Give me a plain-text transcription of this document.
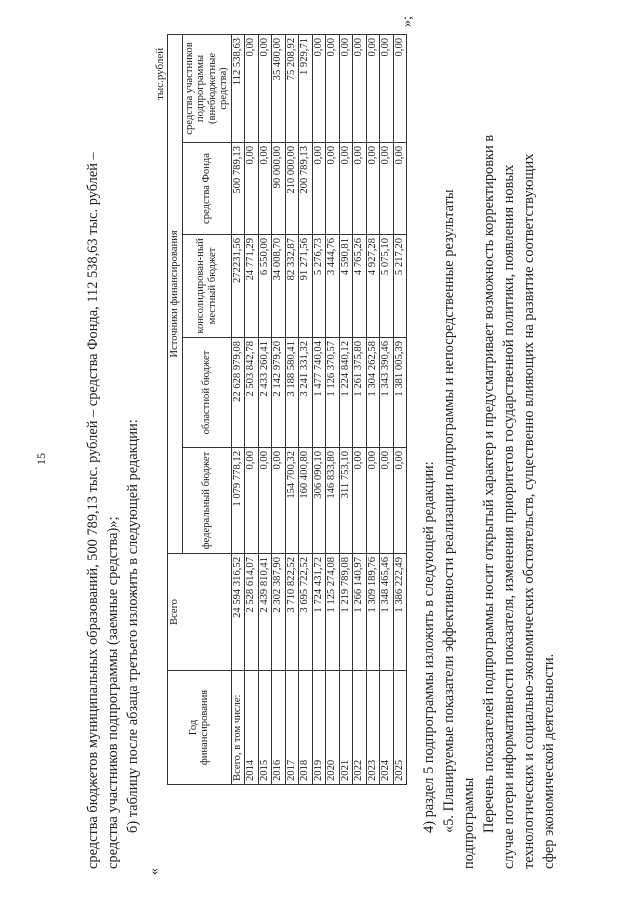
15	средства бюджетов муниципальных образований, 500 789,13 тыс. рублей – средства Фонда, 112 538,63 тыс. рублей – средства участников подпрограммы (заемные средства)»; б) таблицу после абзаца третьего изложить в следующей редакции:
«
тыс.рублей
Год
финансирования	Всего	Источники финансирования				
		федеральный бюджет	областной бюджет	консолидирован-ный местный бюджет	средства Фонда	средства участников подпрограммы (внебюджетные средства)
Всего, в том числе:	24 594 316,52	1 079 778,12	22 628 979,08	272231,56	500 789,13	112 538,63
2014	2 528 614,07	0,00	2 503 842,78	24 771,29	0,00	0,00
2015	2 439 810,41	0,00	2 433 260,41	6 550,00	0,00	0,00
2016	2 302 387,90	0,00	2 142 979,20	34 008,70	90 000,00	35 400,00
2017	3 710 822,52	154 700,32	3 188 580,41	82 332,87	210 000,00	75 208,92
2018	3 695 722,52	160 400,80	3 241 331,32	91 271,56	200 789,13	1 929,71
2019	1 724 431,72	306 090,10	1 477 740,04	5 276,73	0,00	0,00
2020	1 125 274,08	146 833,80	1 126 370,57	3 444,76	0,00	0,00
2021	1 219 789,08	311 753,10	1 224 840,12	4 590,81	0,00	0,00
2022	1 266 140,97	0,00	1 261 375,80	4 765,26	0,00	0,00
2023	1 309 189,76	0,00	1 304 262,58	4 927,28	0,00	0,00
2024	1 348 465,46	0,00	1 343 390,46	5 075,10	0,00	0,00
2025	1 386 222,49	0,00	1 381 005,39	5 217,20	0,00	0,00
»;
4) раздел 5 подпрограммы изложить в следующей редакции: «5. Планируемые показатели эффективности реализации подпрограммы и непосредственные результаты подпрограммы Перечень показателей подпрограммы носит открытый характер и предусматривает возможность корректировки в случае потери информативности показателя, изменения приоритетов государственной политики, появления новых технологических и социально-экономических обстоятельств, существенно влияющих на развитие соответствующих сфер экономической деятельности.
